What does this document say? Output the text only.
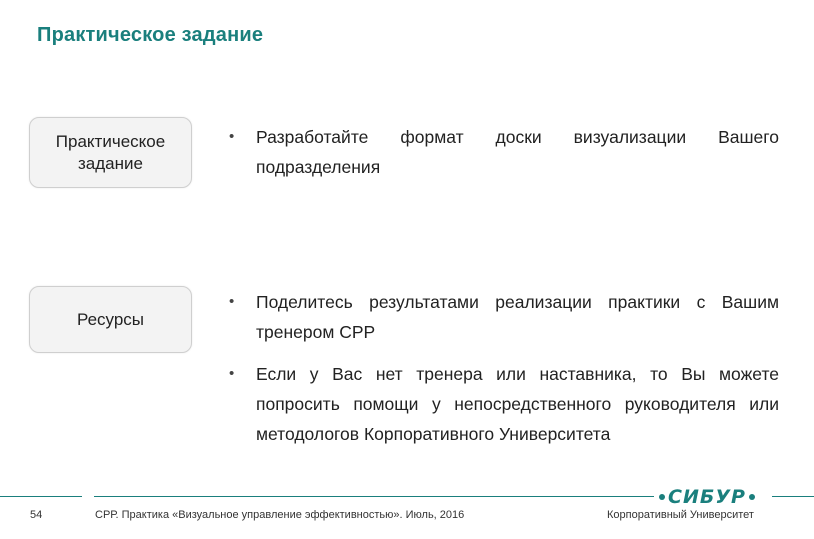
Практическое задание
Практическое задание
Ресурсы
•	Разработайте формат доски визуализации Вашего подразделения
•	Поделитесь результатами реализации практики с Вашим тренером СРР
•	Если у Вас нет тренера или наставника, то Вы можете попросить помощи у непосредственного руководителя или методологов Корпоративного Университета
54	СРР. Практика «Визуальное управление эффективностью». Июль, 2016
СИБУР
Корпоративный Университет
